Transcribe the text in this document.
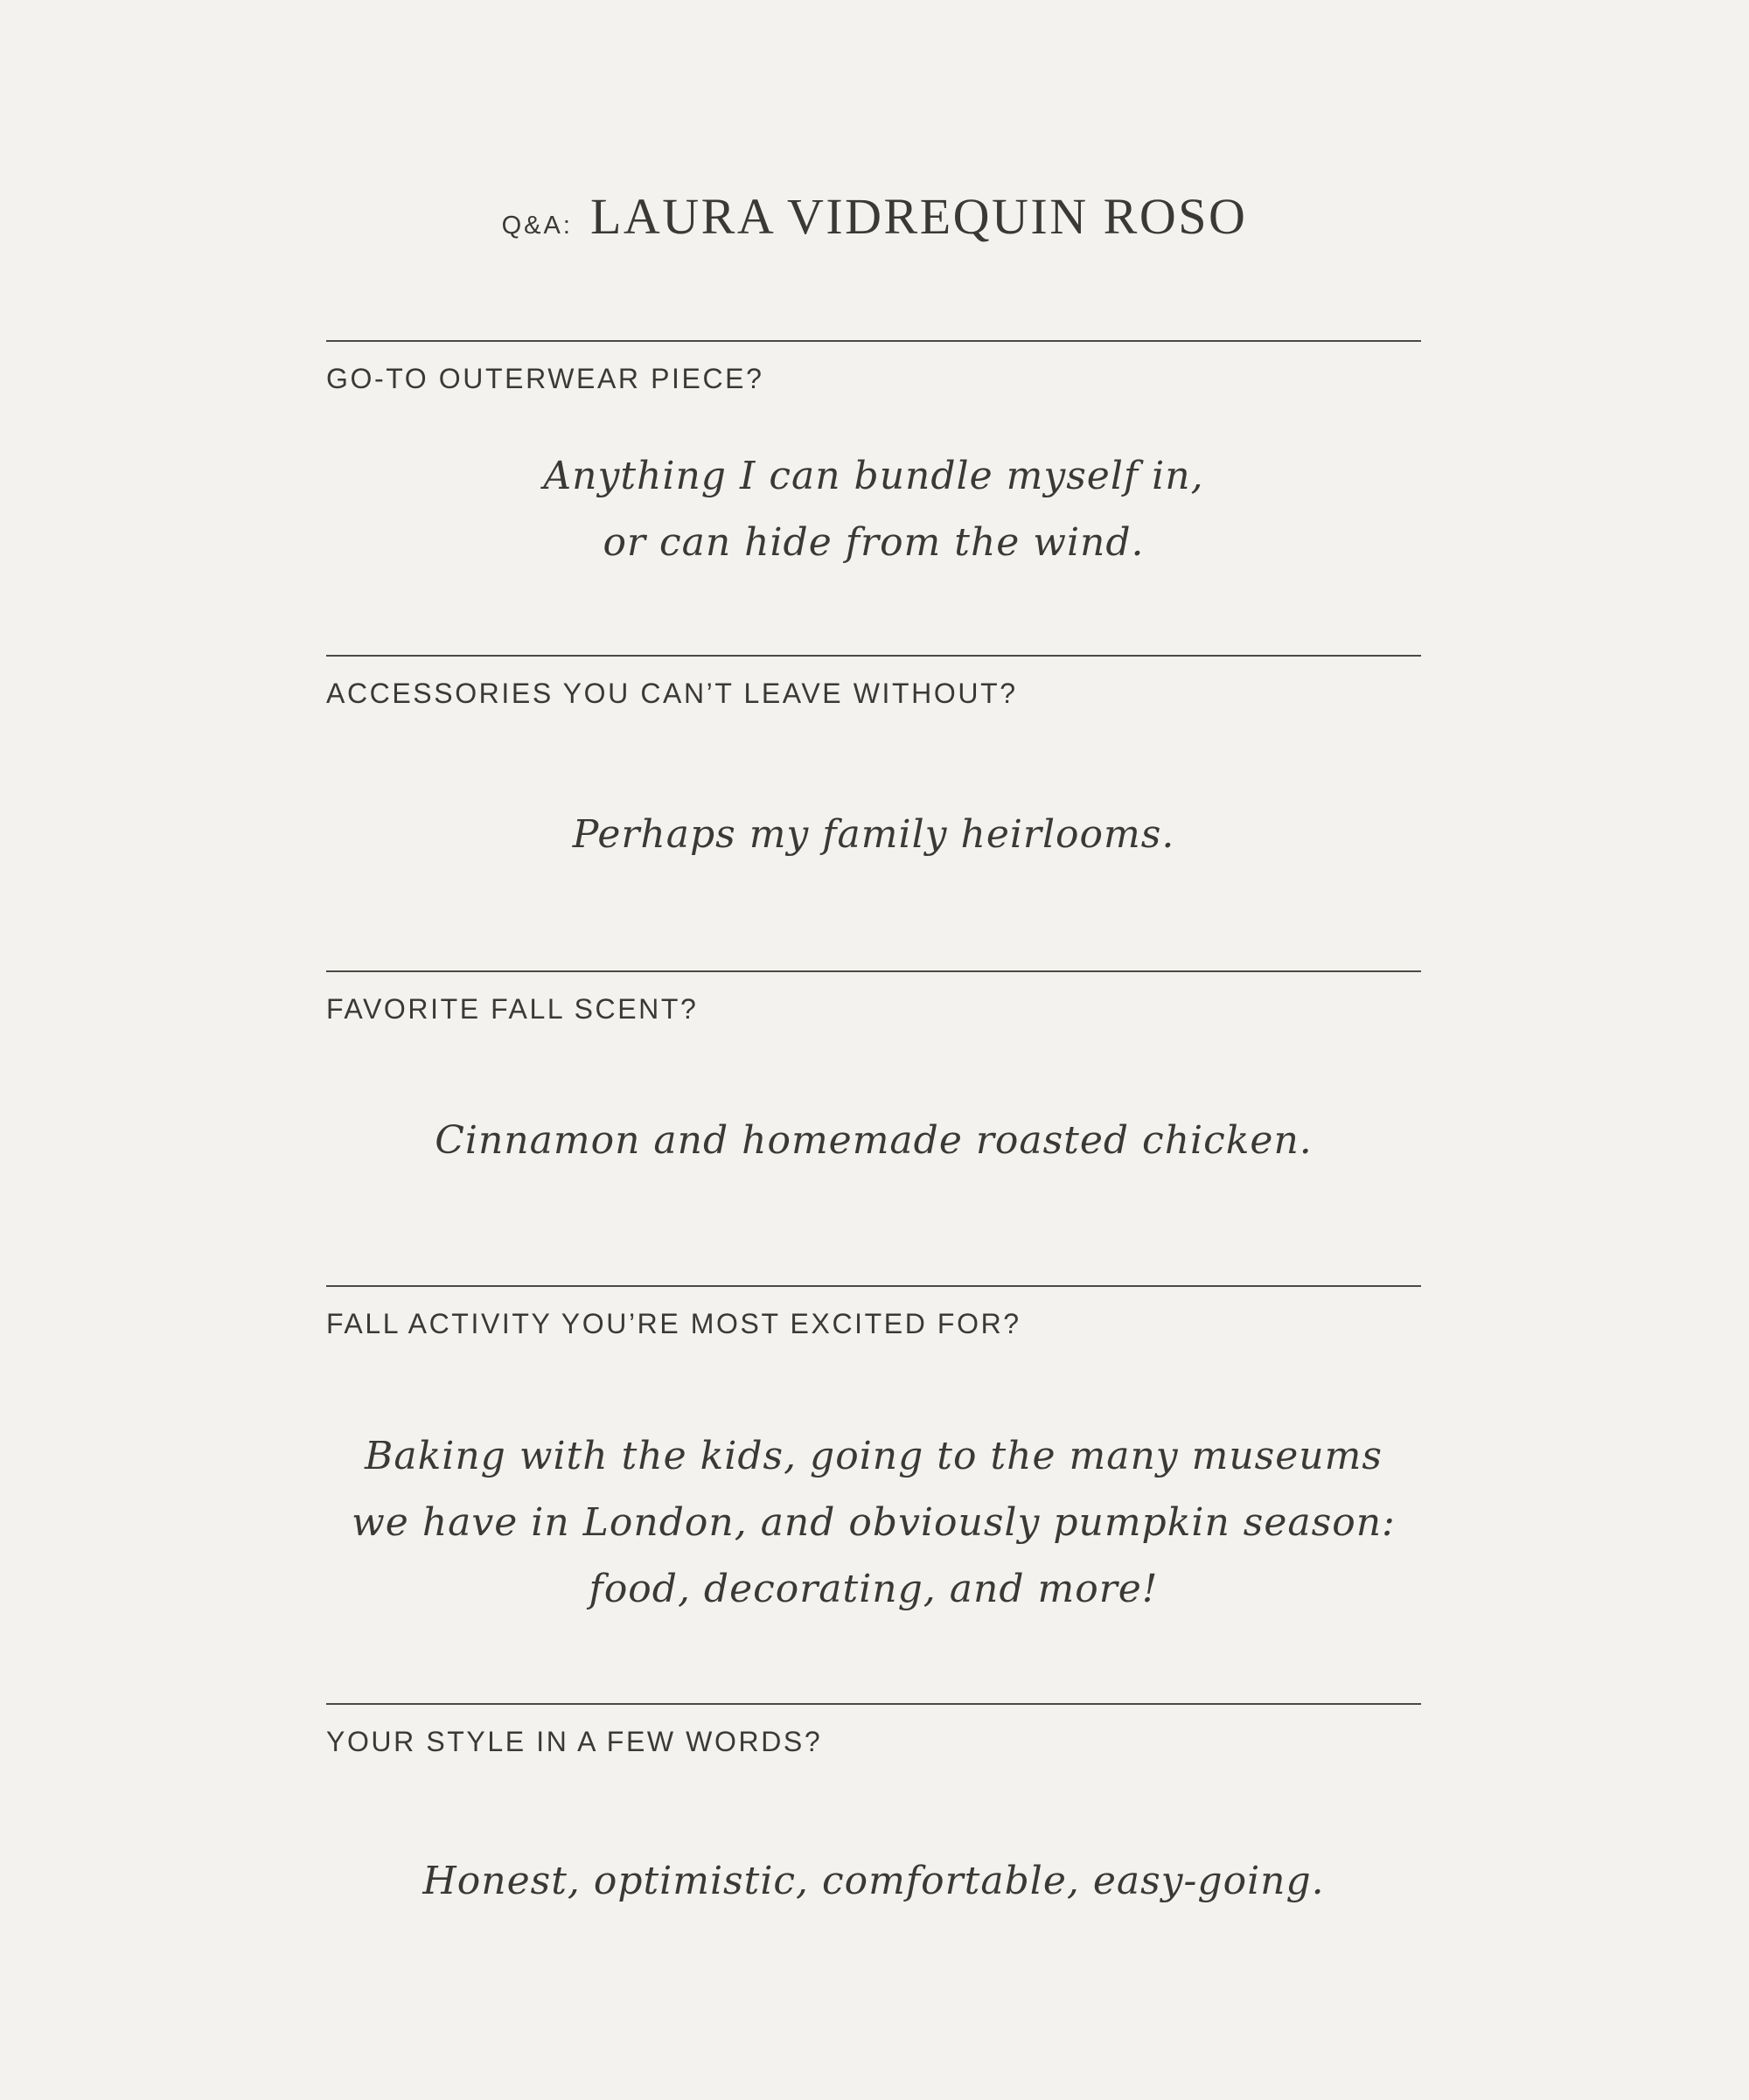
Q&A: LAURA VIDREQUIN ROSO
GO-TO OUTERWEAR PIECE?
Anything I can bundle myself in,
or can hide from the wind.
ACCESSORIES YOU CAN’T LEAVE WITHOUT?
Perhaps my family heirlooms.
FAVORITE FALL SCENT?
Cinnamon and homemade roasted chicken.
FALL ACTIVITY YOU’RE MOST EXCITED FOR?
Baking with the kids, going to the many museums
we have in London, and obviously pumpkin season:
food, decorating, and more!
YOUR STYLE IN A FEW WORDS?
Honest, optimistic, comfortable, easy-going.
